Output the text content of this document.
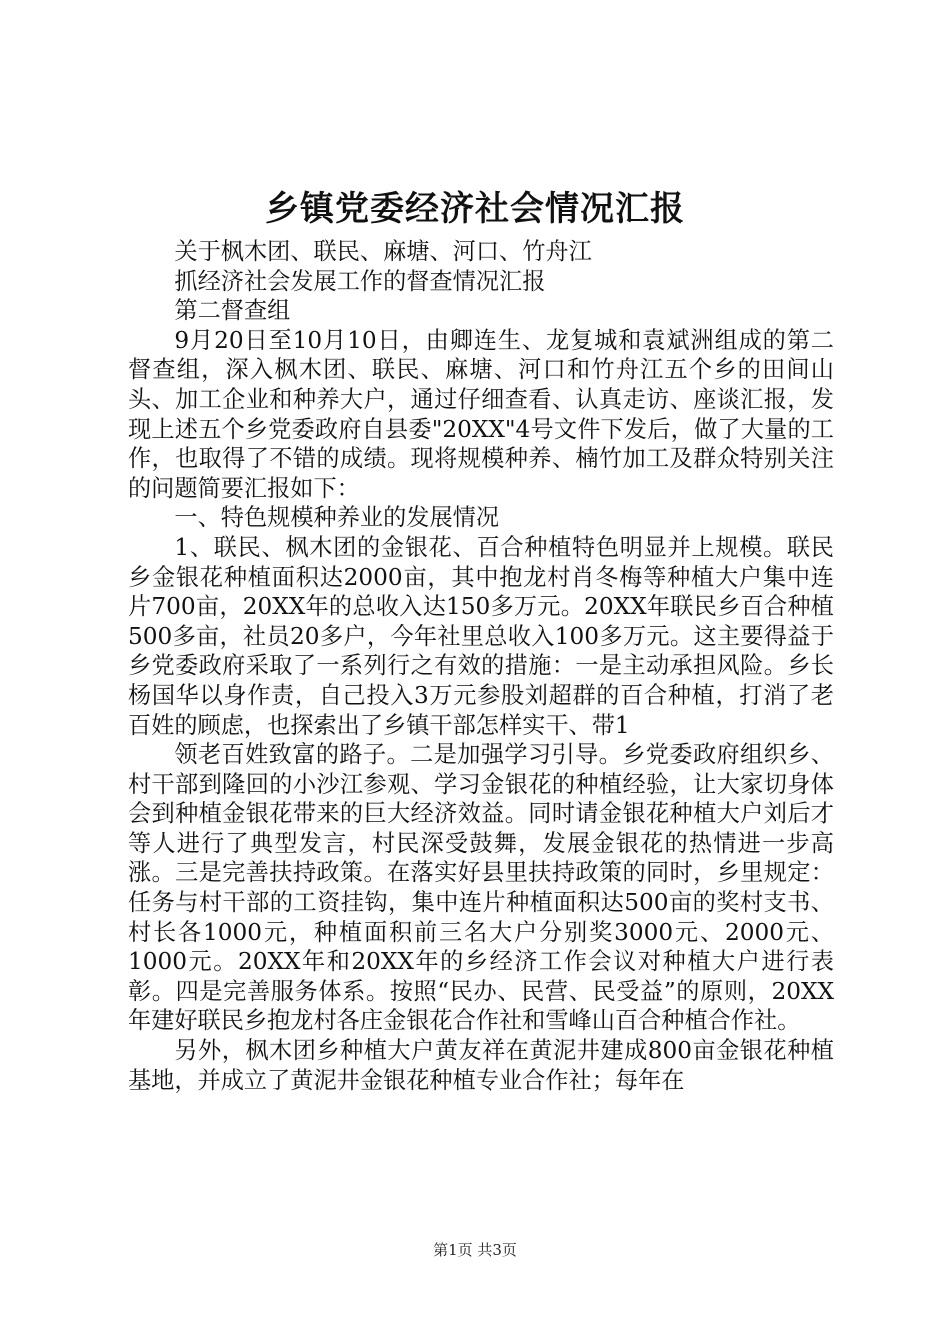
乡镇党委经济社会情况汇报

关于枫木团、联民、麻塘、河口、竹舟江

抓经济社会发展工作的督查情况汇报

第二督查组

9月20日至10月10日，由卿连生、龙复城和袁斌洲组成的第二督查组，深入枫木团、联民、麻塘、河口和竹舟江五个乡的田间山头、加工企业和种养大户，通过仔细查看、认真走访、座谈汇报，发现上述五个乡党委政府自县委"20XX"4号文件下发后，做了大量的工作，也取得了不错的成绩。现将规模种养、楠竹加工及群众特别关注的问题简要汇报如下：

一、特色规模种养业的发展情况

1、联民、枫木团的金银花、百合种植特色明显并上规模。联民乡金银花种植面积达2000亩，其中抱龙村肖冬梅等种植大户集中连片700亩，20XX年的总收入达150多万元。20XX年联民乡百合种植500多亩，社员20多户，今年社里总收入100多万元。这主要得益于乡党委政府采取了一系列行之有效的措施：一是主动承担风险。乡长杨国华以身作责，自己投入3万元参股刘超群的百合种植，打消了老百姓的顾虑，也探索出了乡镇干部怎样实干、带1

领老百姓致富的路子。二是加强学习引导。乡党委政府组织乡、村干部到隆回的小沙江参观、学习金银花的种植经验，让大家切身体会到种植金银花带来的巨大经济效益。同时请金银花种植大户刘后才等人进行了典型发言，村民深受鼓舞，发展金银花的热情进一步高涨。三是完善扶持政策。在落实好县里扶持政策的同时，乡里规定：任务与村干部的工资挂钩，集中连片种植面积达500亩的奖村支书、村长各1000元，种植面积前三名大户分别奖3000元、2000元、1000元。20XX年和20XX年的乡经济工作会议对种植大户进行表彰。四是完善服务体系。按照“民办、民营、民受益”的原则，20XX年建好联民乡抱龙村各庄金银花合作社和雪峰山百合种植合作社。

另外，枫木团乡种植大户黄友祥在黄泥井建成800亩金银花种植基地，并成立了黄泥井金银花种植专业合作社；每年在

第1页 共3页
